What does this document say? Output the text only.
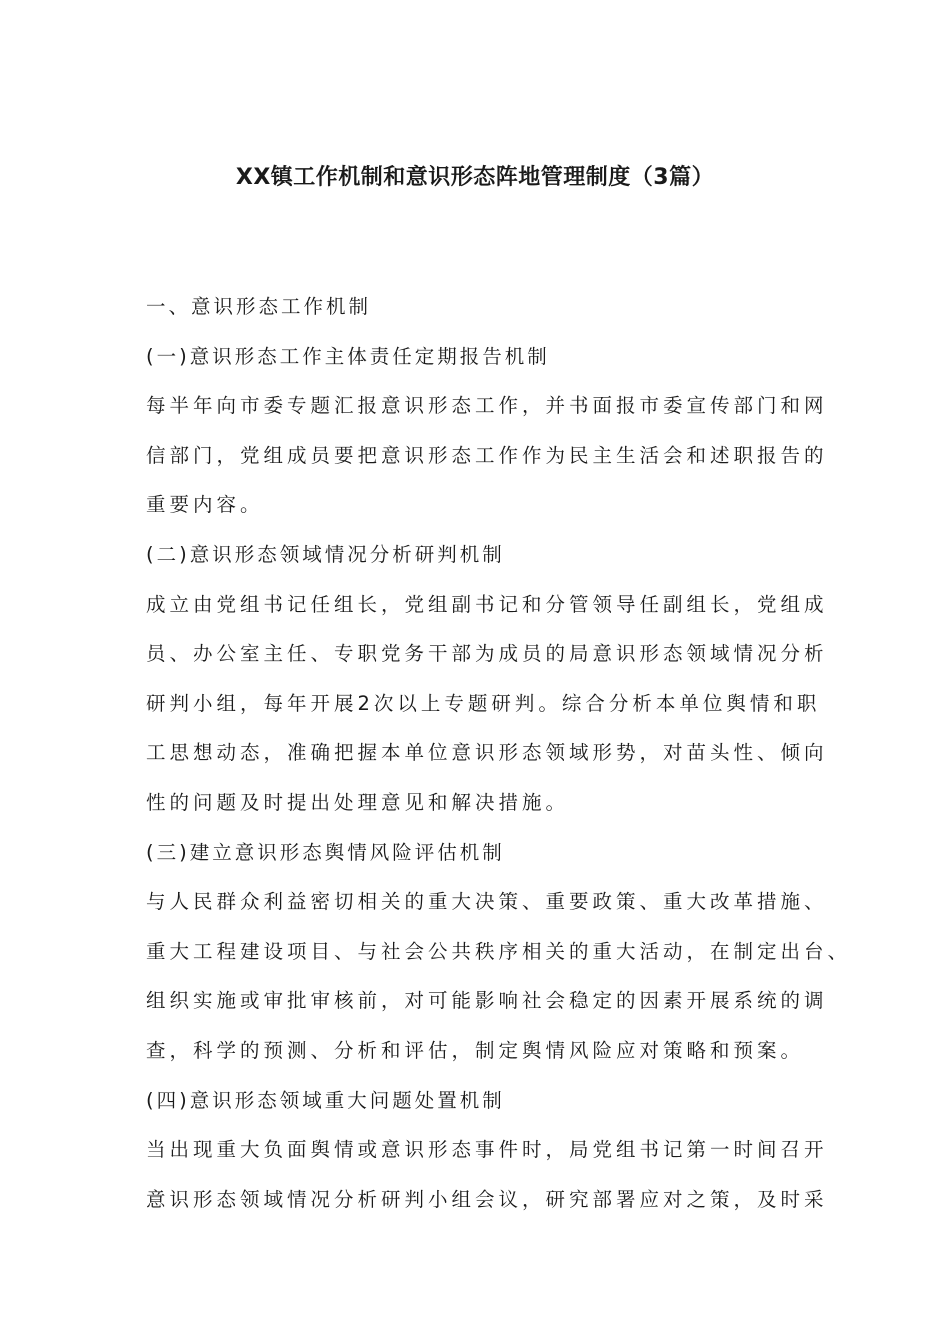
XX镇工作机制和意识形态阵地管理制度（3篇）

一、意识形态工作机制

(一)意识形态工作主体责任定期报告机制

每半年向市委专题汇报意识形态工作，并书面报市委宣传部门和网

信部门，党组成员要把意识形态工作作为民主生活会和述职报告的

重要内容。

(二)意识形态领域情况分析研判机制

成立由党组书记任组长，党组副书记和分管领导任副组长，党组成

员、办公室主任、专职党务干部为成员的局意识形态领域情况分析

研判小组，每年开展2次以上专题研判。综合分析本单位舆情和职

工思想动态，准确把握本单位意识形态领域形势，对苗头性、倾向

性的问题及时提出处理意见和解决措施。

(三)建立意识形态舆情风险评估机制

与人民群众利益密切相关的重大决策、重要政策、重大改革措施、

重大工程建设项目、与社会公共秩序相关的重大活动，在制定出台、

组织实施或审批审核前，对可能影响社会稳定的因素开展系统的调

查，科学的预测、分析和评估，制定舆情风险应对策略和预案。

(四)意识形态领域重大问题处置机制

当出现重大负面舆情或意识形态事件时，局党组书记第一时间召开

意识形态领域情况分析研判小组会议，研究部署应对之策，及时采
